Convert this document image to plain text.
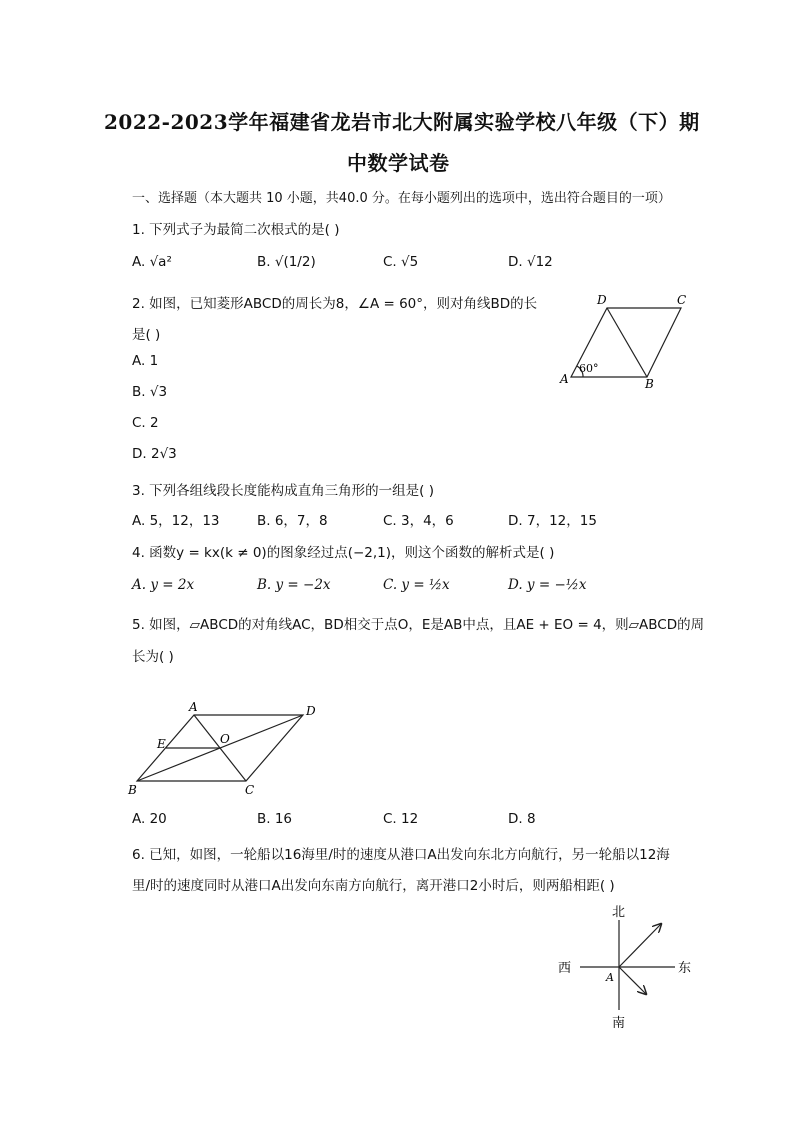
2022-2023学年福建省龙岩市北大附属实验学校八年级（下）期
中数学试卷
一、选择题（本大题共 10 小题，共40.0 分。在每小题列出的选项中，选出符合题目的一项）
1. 下列式子为最简二次根式的是( )
A. √a²	B. √(1/2)	C. √5	D. √12
2. 如图，已知菱形ABCD的周长为8，∠A = 60°，则对角线BD的长
是( )
A. 1
B. √3
C. 2
D. 2√3
A	B
C
D
60°
3. 下列各组线段长度能构成直角三角形的一组是( )
A. 5，12，13	B. 6，7，8	C. 3，4，6	D. 7，12，15
4. 函数y = kx(k ≠ 0)的图象经过点(−2,1)，则这个函数的解析式是( )
A. y = 2x	B. y = −2x	C. y = ½x	D. y = −½x
5. 如图，▱ABCD的对角线AC，BD相交于点O，E是AB中点，且AE + EO = 4，则▱ABCD的周
长为( )
A
B	C
D
E	O
A. 20	B. 16	C. 12	D. 8
6. 已知，如图，一轮船以16海里/时的速度从港口A出发向东北方向航行，另一轮船以12海
里/时的速度同时从港口A出发向东南方向航行，离开港口2小时后，则两船相距( )
北
南
西	东
A
